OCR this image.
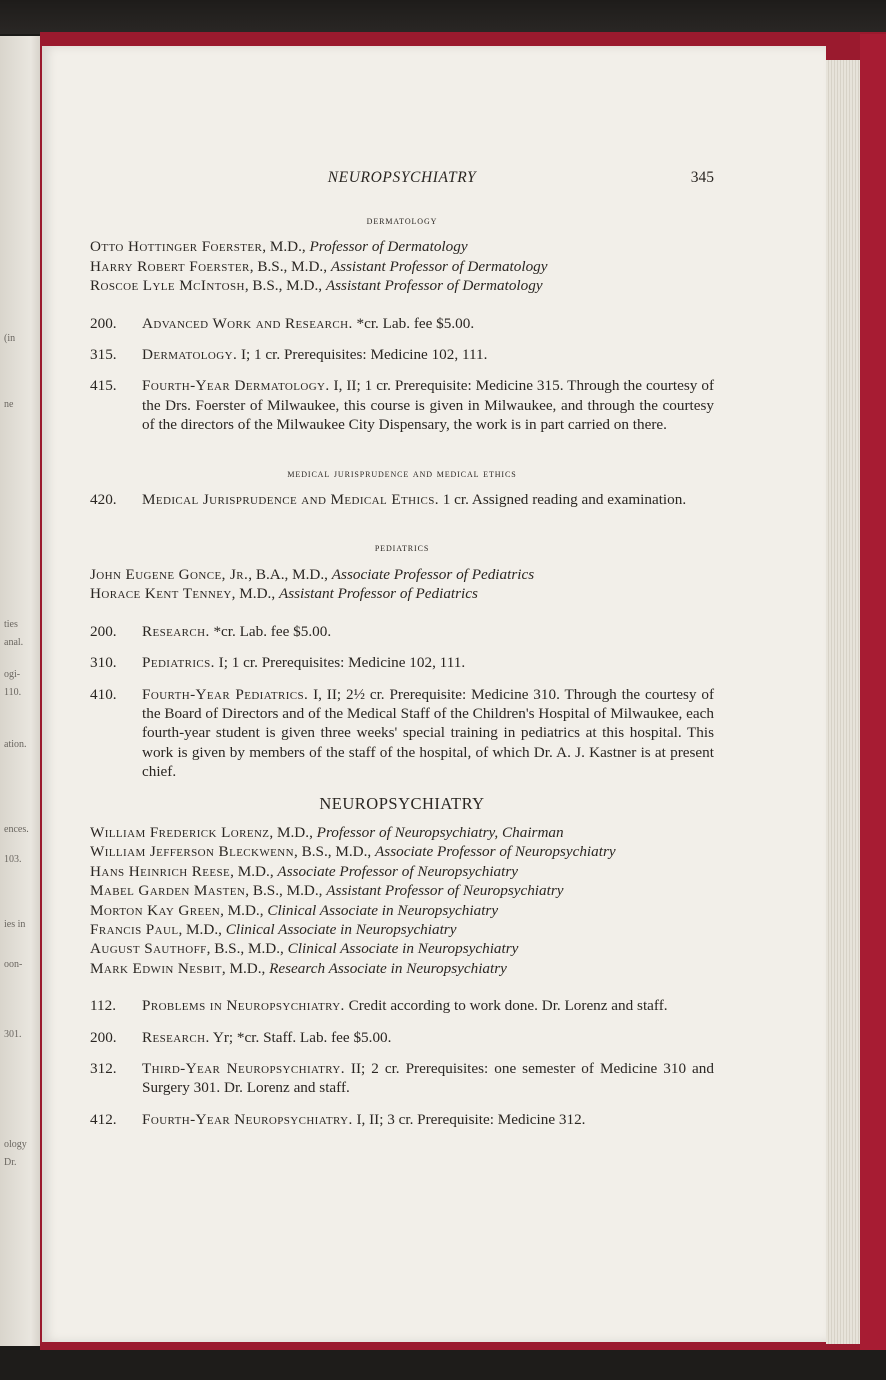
(in
ne
ties
anal.
ogi-
110.
ation.
ences.
103.
ies in
oon-
301.
ology
Dr.
NEUROPSYCHIATRY	345
dermatology
Otto Hottinger Foerster, M.D., Professor of Dermatology
Harry Robert Foerster, B.S., M.D., Assistant Professor of Dermatology
Roscoe Lyle McIntosh, B.S., M.D., Assistant Professor of Dermatology
200.	Advanced Work and Research. *cr. Lab. fee $5.00.
315.	Dermatology. I; 1 cr. Prerequisites: Medicine 102, 111.
415.	Fourth-Year Dermatology. I, II; 1 cr. Prerequisite: Medicine 315. Through the courtesy of the Drs. Foerster of Milwaukee, this course is given in Milwaukee, and through the courtesy of the directors of the Milwaukee City Dispensary, the work is in part carried on there.
medical jurisprudence and medical ethics
420.	Medical Jurisprudence and Medical Ethics. 1 cr. Assigned reading and examination.
pediatrics
John Eugene Gonce, Jr., B.A., M.D., Associate Professor of Pediatrics
Horace Kent Tenney, M.D., Assistant Professor of Pediatrics
200.	Research. *cr. Lab. fee $5.00.
310.	Pediatrics. I; 1 cr. Prerequisites: Medicine 102, 111.
410.	Fourth-Year Pediatrics. I, II; 2½ cr. Prerequisite: Medicine 310. Through the courtesy of the Board of Directors and of the Medical Staff of the Children's Hospital of Milwaukee, each fourth-year student is given three weeks' special training in pediatrics at this hospital. This work is given by members of the staff of the hospital, of which Dr. A. J. Kastner is at present chief.
NEUROPSYCHIATRY
William Frederick Lorenz, M.D., Professor of Neuropsychiatry, Chairman
William Jefferson Bleckwenn, B.S., M.D., Associate Professor of Neuropsychiatry
Hans Heinrich Reese, M.D., Associate Professor of Neuropsychiatry
Mabel Garden Masten, B.S., M.D., Assistant Professor of Neuropsychiatry
Morton Kay Green, M.D., Clinical Associate in Neuropsychiatry
Francis Paul, M.D., Clinical Associate in Neuropsychiatry
August Sauthoff, B.S., M.D., Clinical Associate in Neuropsychiatry
Mark Edwin Nesbit, M.D., Research Associate in Neuropsychiatry
112.	Problems in Neuropsychiatry. Credit according to work done. Dr. Lorenz and staff.
200.	Research. Yr; *cr. Staff. Lab. fee $5.00.
312.	Third-Year Neuropsychiatry. II; 2 cr. Prerequisites: one semester of Medicine 310 and Surgery 301. Dr. Lorenz and staff.
412.	Fourth-Year Neuropsychiatry. I, II; 3 cr. Prerequisite: Medicine 312.
